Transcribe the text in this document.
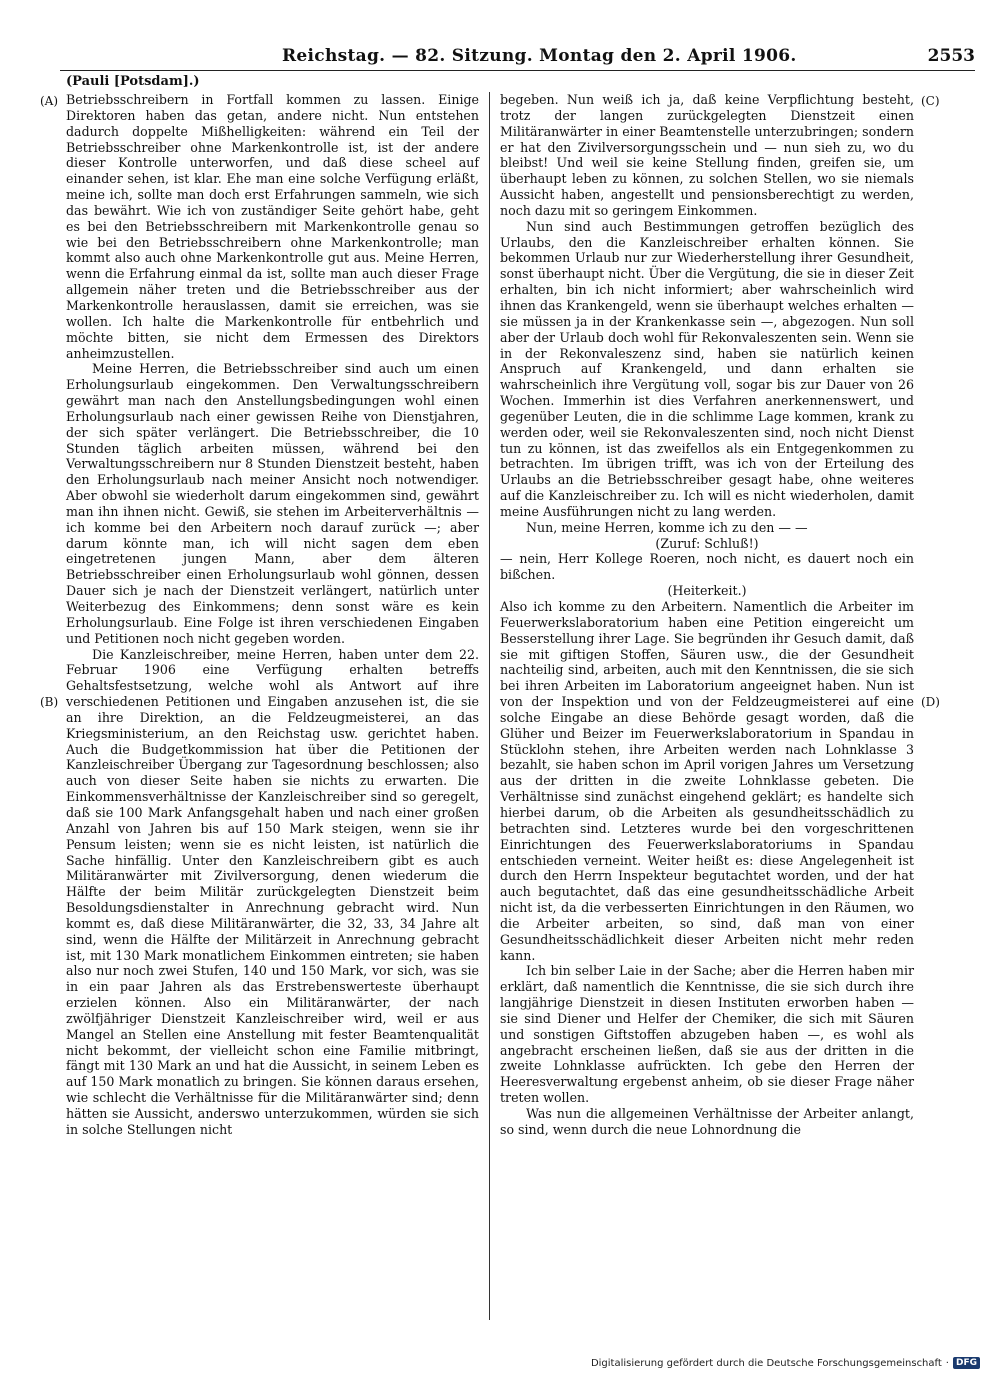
Reichstag. — 82. Sitzung. Montag den 2. April 1906.	2553
(Pauli [Potsdam].)
(A)
(B)
(C)
(D)

Betriebsschreibern in Fortfall kommen zu lassen. Einige Direktoren haben das getan, andere nicht. Nun entstehen dadurch doppelte Mißhelligkeiten: während ein Teil der Betriebsschreiber ohne Markenkontrolle ist, ist der andere dieser Kontrolle unterworfen, und daß diese scheel auf einander sehen, ist klar. Ehe man eine solche Verfügung erläßt, meine ich, sollte man doch erst Erfahrungen sammeln, wie sich das bewährt. Wie ich von zuständiger Seite gehört habe, geht es bei den Betriebsschreibern mit Markenkontrolle genau so wie bei den Betriebsschreibern ohne Markenkontrolle; man kommt also auch ohne Markenkontrolle gut aus. Meine Herren, wenn die Erfahrung einmal da ist, sollte man auch dieser Frage allgemein näher treten und die Betriebsschreiber aus der Markenkontrolle herauslassen, damit sie erreichen, was sie wollen. Ich halte die Markenkontrolle für entbehrlich und möchte bitten, sie nicht dem Ermessen des Direktors anheimzustellen.

Meine Herren, die Betriebsschreiber sind auch um einen Erholungsurlaub eingekommen. Den Verwaltungsschreibern gewährt man nach den Anstellungsbedingungen wohl einen Erholungsurlaub nach einer gewissen Reihe von Dienstjahren, der sich später verlängert. Die Betriebsschreiber, die 10 Stunden täglich arbeiten müssen, während bei den Verwaltungsschreibern nur 8 Stunden Dienstzeit besteht, haben den Erholungsurlaub nach meiner Ansicht noch notwendiger. Aber obwohl sie wiederholt darum eingekommen sind, gewährt man ihn ihnen nicht. Gewiß, sie stehen im Arbeiterverhältnis — ich komme bei den Arbeitern noch darauf zurück —; aber darum könnte man, ich will nicht sagen dem eben eingetretenen jungen Mann, aber dem älteren Betriebsschreiber einen Erholungsurlaub wohl gönnen, dessen Dauer sich je nach der Dienstzeit verlängert, natürlich unter Weiterbezug des Einkommens; denn sonst wäre es kein Erholungsurlaub. Eine Folge ist ihren verschiedenen Eingaben und Petitionen noch nicht gegeben worden.

Die Kanzleischreiber, meine Herren, haben unter dem 22. Februar 1906 eine Verfügung erhalten betreffs Gehaltsfestsetzung, welche wohl als Antwort auf ihre verschiedenen Petitionen und Eingaben anzusehen ist, die sie an ihre Direktion, an die Feldzeugmeisterei, an das Kriegsministerium, an den Reichstag usw. gerichtet haben. Auch die Budgetkommission hat über die Petitionen der Kanzleischreiber Übergang zur Tagesordnung beschlossen; also auch von dieser Seite haben sie nichts zu erwarten. Die Einkommensverhältnisse der Kanzleischreiber sind so geregelt, daß sie 100 Mark Anfangsgehalt haben und nach einer großen Anzahl von Jahren bis auf 150 Mark steigen, wenn sie ihr Pensum leisten; wenn sie es nicht leisten, ist natürlich die Sache hinfällig. Unter den Kanzleischreibern gibt es auch Militäranwärter mit Zivilversorgung, denen wiederum die Hälfte der beim Militär zurückgelegten Dienstzeit beim Besoldungsdienstalter in Anrechnung gebracht wird. Nun kommt es, daß diese Militäranwärter, die 32, 33, 34 Jahre alt sind, wenn die Hälfte der Militärzeit in Anrechnung gebracht ist, mit 130 Mark monatlichem Einkommen eintreten; sie haben also nur noch zwei Stufen, 140 und 150 Mark, vor sich, was sie in ein paar Jahren als das Erstrebenswerteste überhaupt erzielen können. Also ein Militäranwärter, der nach zwölfjähriger Dienstzeit Kanzleischreiber wird, weil er aus Mangel an Stellen eine Anstellung mit fester Beamtenqualität nicht bekommt, der vielleicht schon eine Familie mitbringt, fängt mit 130 Mark an und hat die Aussicht, in seinem Leben es auf 150 Mark monatlich zu bringen. Sie können daraus ersehen, wie schlecht die Verhältnisse für die Militäranwärter sind; denn hätten sie Aussicht, anderswo unterzukommen, würden sie sich in solche Stellungen nicht

begeben. Nun weiß ich ja, daß keine Verpflichtung besteht, trotz der langen zurückgelegten Dienstzeit einen Militäranwärter in einer Beamtenstelle unterzubringen; sondern er hat den Zivilversorgungsschein und — nun sieh zu, wo du bleibst! Und weil sie keine Stellung finden, greifen sie, um überhaupt leben zu können, zu solchen Stellen, wo sie niemals Aussicht haben, angestellt und pensionsberechtigt zu werden, noch dazu mit so geringem Einkommen.

Nun sind auch Bestimmungen getroffen bezüglich des Urlaubs, den die Kanzleischreiber erhalten können. Sie bekommen Urlaub nur zur Wiederherstellung ihrer Gesundheit, sonst überhaupt nicht. Über die Vergütung, die sie in dieser Zeit erhalten, bin ich nicht informiert; aber wahrscheinlich wird ihnen das Krankengeld, wenn sie überhaupt welches erhalten — sie müssen ja in der Krankenkasse sein —, abgezogen. Nun soll aber der Urlaub doch wohl für Rekonvaleszenten sein. Wenn sie in der Rekonvaleszenz sind, haben sie natürlich keinen Anspruch auf Krankengeld, und dann erhalten sie wahrscheinlich ihre Vergütung voll, sogar bis zur Dauer von 26 Wochen. Immerhin ist dies Verfahren anerkennenswert, und gegenüber Leuten, die in die schlimme Lage kommen, krank zu werden oder, weil sie Rekonvaleszenten sind, noch nicht Dienst tun zu können, ist das zweifellos als ein Entgegenkommen zu betrachten. Im übrigen trifft, was ich von der Erteilung des Urlaubs an die Betriebsschreiber gesagt habe, ohne weiteres auf die Kanzleischreiber zu. Ich will es nicht wiederholen, damit meine Ausführungen nicht zu lang werden.

Nun, meine Herren, komme ich zu den — —

(Zuruf: Schluß!)

— nein, Herr Kollege Roeren, noch nicht, es dauert noch ein bißchen.

(Heiterkeit.)

Also ich komme zu den Arbeitern. Namentlich die Arbeiter im Feuerwerkslaboratorium haben eine Petition eingereicht um Besserstellung ihrer Lage. Sie begründen ihr Gesuch damit, daß sie mit giftigen Stoffen, Säuren usw., die der Gesundheit nachteilig sind, arbeiten, auch mit den Kenntnissen, die sie sich bei ihren Arbeiten im Laboratorium angeeignet haben. Nun ist von der Inspektion und von der Feldzeugmeisterei auf eine solche Eingabe an diese Behörde gesagt worden, daß die Glüher und Beizer im Feuerwerkslaboratorium in Spandau in Stücklohn stehen, ihre Arbeiten werden nach Lohnklasse 3 bezahlt, sie haben schon im April vorigen Jahres um Versetzung aus der dritten in die zweite Lohnklasse gebeten. Die Verhältnisse sind zunächst eingehend geklärt; es handelte sich hierbei darum, ob die Arbeiten als gesundheitsschädlich zu betrachten sind. Letzteres wurde bei den vorgeschrittenen Einrichtungen des Feuerwerkslaboratoriums in Spandau entschieden verneint. Weiter heißt es: diese Angelegenheit ist durch den Herrn Inspekteur begutachtet worden, und der hat auch begutachtet, daß das eine gesundheitsschädliche Arbeit nicht ist, da die verbesserten Einrichtungen in den Räumen, wo die Arbeiter arbeiten, so sind, daß man von einer Gesundheitsschädlichkeit dieser Arbeiten nicht mehr reden kann.

Ich bin selber Laie in der Sache; aber die Herren haben mir erklärt, daß namentlich die Kenntnisse, die sie sich durch ihre langjährige Dienstzeit in diesen Instituten erworben haben — sie sind Diener und Helfer der Chemiker, die sich mit Säuren und sonstigen Giftstoffen abzugeben haben —, es wohl als angebracht erscheinen ließen, daß sie aus der dritten in die zweite Lohnklasse aufrückten. Ich gebe den Herren der Heeresverwaltung ergebenst anheim, ob sie dieser Frage näher treten wollen.

Was nun die allgemeinen Verhältnisse der Arbeiter anlangt, so sind, wenn durch die neue Lohnordnung die

Digitalisierung gefördert durch die Deutsche Forschungsgemeinschaft · DFG
